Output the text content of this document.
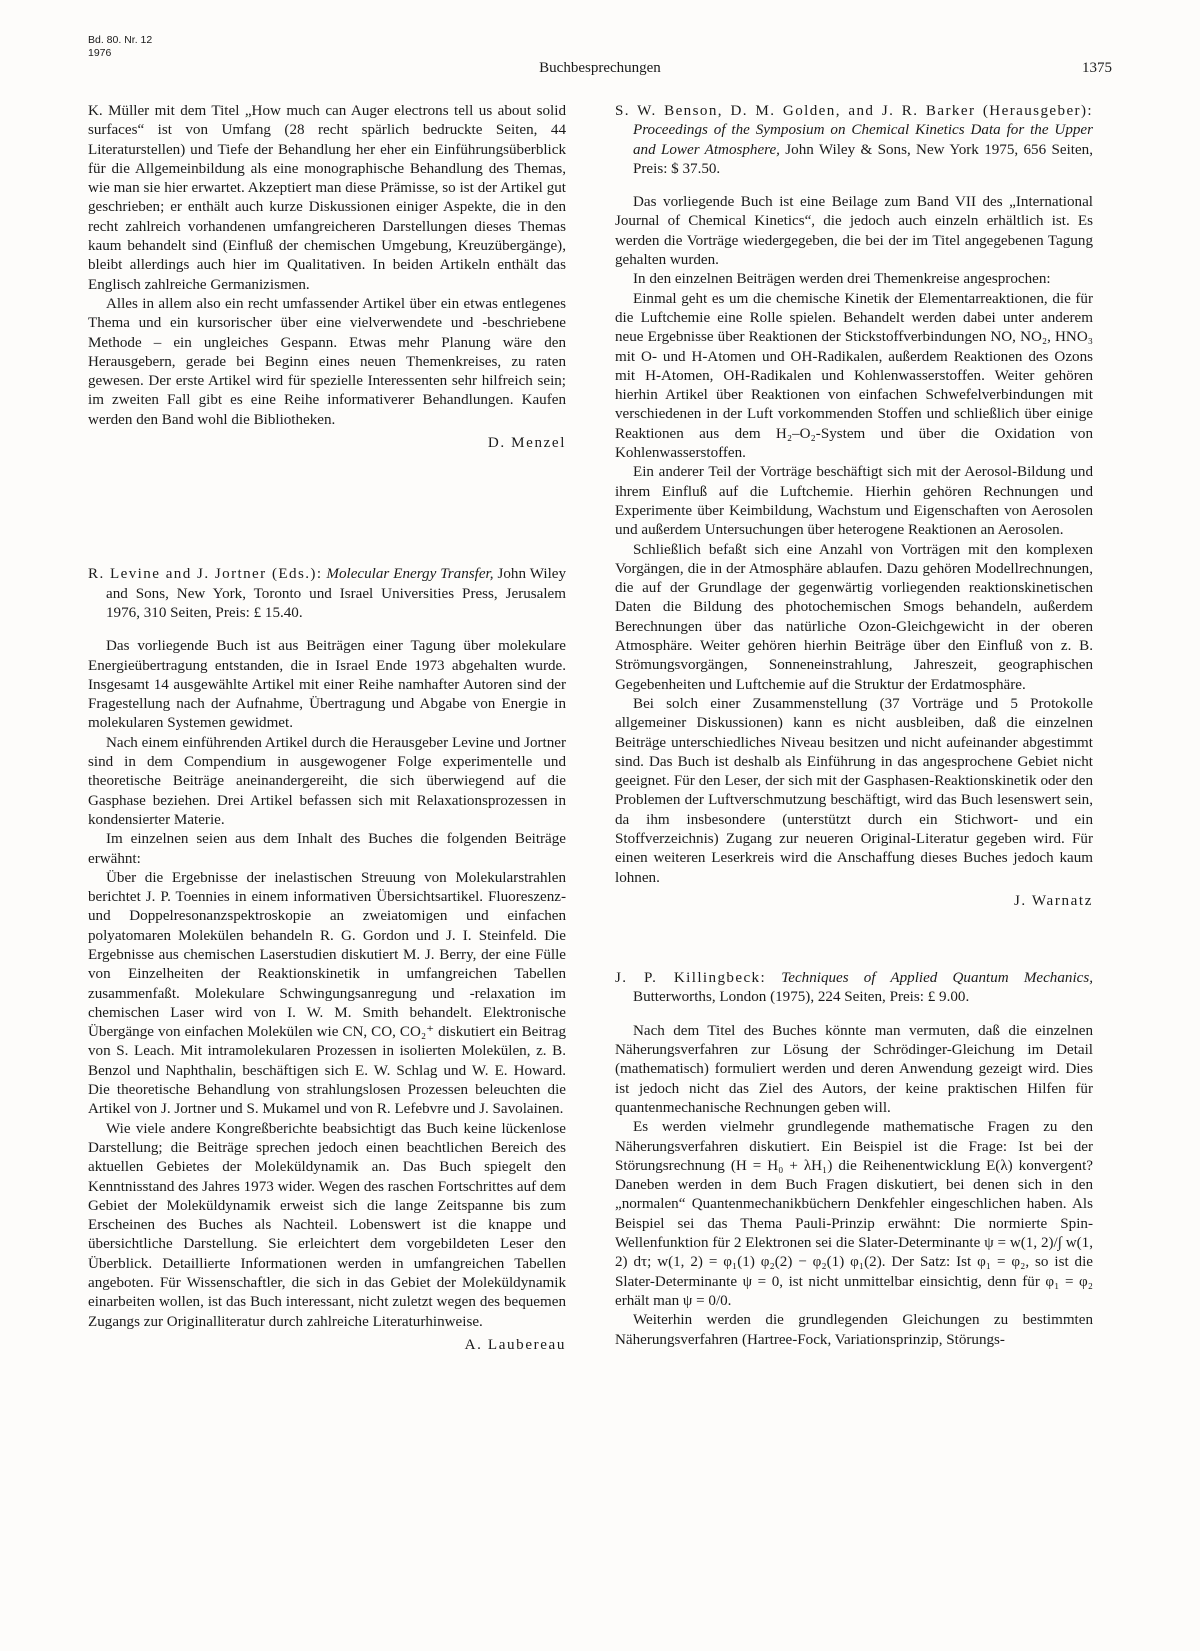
Bd. 80. Nr. 12
1976
Buchbesprechungen	1375

K. Müller mit dem Titel „How much can Auger electrons tell us about solid surfaces“ ist von Umfang (28 recht spärlich bedruckte Seiten, 44 Literaturstellen) und Tiefe der Behandlung her eher ein Einführungsüberblick für die Allgemeinbildung als eine monographische Behandlung des Themas, wie man sie hier erwartet. Akzeptiert man diese Prämisse, so ist der Artikel gut geschrieben; er enthält auch kurze Diskussionen einiger Aspekte, die in den recht zahlreich vorhandenen umfangreicheren Darstellungen dieses Themas kaum behandelt sind (Einfluß der chemischen Umgebung, Kreuzübergänge), bleibt allerdings auch hier im Qualitativen. In beiden Artikeln enthält das Englisch zahlreiche Germanizismen.

Alles in allem also ein recht umfassender Artikel über ein etwas entlegenes Thema und ein kursorischer über eine vielverwendete und -beschriebene Methode – ein ungleiches Gespann. Etwas mehr Planung wäre den Herausgebern, gerade bei Beginn eines neuen Themenkreises, zu raten gewesen. Der erste Artikel wird für spezielle Interessenten sehr hilfreich sein; im zweiten Fall gibt es eine Reihe informativerer Behandlungen. Kaufen werden den Band wohl die Bibliotheken.

D. Menzel

R. Levine and J. Jortner (Eds.): Molecular Energy Transfer, John Wiley and Sons, New York, Toronto und Israel Universities Press, Jerusalem 1976, 310 Seiten, Preis: £ 15.40.

Das vorliegende Buch ist aus Beiträgen einer Tagung über molekulare Energieübertragung entstanden, die in Israel Ende 1973 abgehalten wurde. Insgesamt 14 ausgewählte Artikel mit einer Reihe namhafter Autoren sind der Fragestellung nach der Aufnahme, Übertragung und Abgabe von Energie in molekularen Systemen gewidmet.

Nach einem einführenden Artikel durch die Herausgeber Levine und Jortner sind in dem Compendium in ausgewogener Folge experimentelle und theoretische Beiträge aneinandergereiht, die sich überwiegend auf die Gasphase beziehen. Drei Artikel befassen sich mit Relaxationsprozessen in kondensierter Materie.

Im einzelnen seien aus dem Inhalt des Buches die folgenden Beiträge erwähnt:

Über die Ergebnisse der inelastischen Streuung von Molekularstrahlen berichtet J. P. Toennies in einem informativen Übersichtsartikel. Fluoreszenz- und Doppelresonanzspektroskopie an zweiatomigen und einfachen polyatomaren Molekülen behandeln R. G. Gordon und J. I. Steinfeld. Die Ergebnisse aus chemischen Laserstudien diskutiert M. J. Berry, der eine Fülle von Einzelheiten der Reaktionskinetik in umfangreichen Tabellen zusammenfaßt. Molekulare Schwingungsanregung und -relaxation im chemischen Laser wird von I. W. M. Smith behandelt. Elektronische Übergänge von einfachen Molekülen wie CN, CO, CO₂⁺ diskutiert ein Beitrag von S. Leach. Mit intramolekularen Prozessen in isolierten Molekülen, z. B. Benzol und Naphthalin, beschäftigen sich E. W. Schlag und W. E. Howard. Die theoretische Behandlung von strahlungslosen Prozessen beleuchten die Artikel von J. Jortner und S. Mukamel und von R. Lefebvre und J. Savolainen.

Wie viele andere Kongreßberichte beabsichtigt das Buch keine lückenlose Darstellung; die Beiträge sprechen jedoch einen beachtlichen Bereich des aktuellen Gebietes der Moleküldynamik an. Das Buch spiegelt den Kenntnisstand des Jahres 1973 wider. Wegen des raschen Fortschrittes auf dem Gebiet der Moleküldynamik erweist sich die lange Zeitspanne bis zum Erscheinen des Buches als Nachteil. Lobenswert ist die knappe und übersichtliche Darstellung. Sie erleichtert dem vorgebildeten Leser den Überblick. Detaillierte Informationen werden in umfangreichen Tabellen angeboten. Für Wissenschaftler, die sich in das Gebiet der Moleküldynamik einarbeiten wollen, ist das Buch interessant, nicht zuletzt wegen des bequemen Zugangs zur Originalliteratur durch zahlreiche Literaturhinweise.

A. Laubereau

S. W. Benson, D. M. Golden, and J. R. Barker (Herausgeber): Proceedings of the Symposium on Chemical Kinetics Data for the Upper and Lower Atmosphere, John Wiley & Sons, New York 1975, 656 Seiten, Preis: $ 37.50.

Das vorliegende Buch ist eine Beilage zum Band VII des „International Journal of Chemical Kinetics“, die jedoch auch einzeln erhältlich ist. Es werden die Vorträge wiedergegeben, die bei der im Titel angegebenen Tagung gehalten wurden.

In den einzelnen Beiträgen werden drei Themenkreise angesprochen:

Einmal geht es um die chemische Kinetik der Elementarreaktionen, die für die Luftchemie eine Rolle spielen. Behandelt werden dabei unter anderem neue Ergebnisse über Reaktionen der Stickstoffverbindungen NO, NO₂, HNO₃ mit O- und H-Atomen und OH-Radikalen, außerdem Reaktionen des Ozons mit H-Atomen, OH-Radikalen und Kohlenwasserstoffen. Weiter gehören hierhin Artikel über Reaktionen von einfachen Schwefelverbindungen mit verschiedenen in der Luft vorkommenden Stoffen und schließlich über einige Reaktionen aus dem H₂–O₂-System und über die Oxidation von Kohlenwasserstoffen.

Ein anderer Teil der Vorträge beschäftigt sich mit der Aerosol-Bildung und ihrem Einfluß auf die Luftchemie. Hierhin gehören Rechnungen und Experimente über Keimbildung, Wachstum und Eigenschaften von Aerosolen und außerdem Untersuchungen über heterogene Reaktionen an Aerosolen.

Schließlich befaßt sich eine Anzahl von Vorträgen mit den komplexen Vorgängen, die in der Atmosphäre ablaufen. Dazu gehören Modellrechnungen, die auf der Grundlage der gegenwärtig vorliegenden reaktionskinetischen Daten die Bildung des photochemischen Smogs behandeln, außerdem Berechnungen über das natürliche Ozon-Gleichgewicht in der oberen Atmosphäre. Weiter gehören hierhin Beiträge über den Einfluß von z. B. Strömungsvorgängen, Sonneneinstrahlung, Jahreszeit, geographischen Gegebenheiten und Luftchemie auf die Struktur der Erdatmosphäre.

Bei solch einer Zusammenstellung (37 Vorträge und 5 Protokolle allgemeiner Diskussionen) kann es nicht ausbleiben, daß die einzelnen Beiträge unterschiedliches Niveau besitzen und nicht aufeinander abgestimmt sind. Das Buch ist deshalb als Einführung in das angesprochene Gebiet nicht geeignet. Für den Leser, der sich mit der Gasphasen-Reaktionskinetik oder den Problemen der Luftverschmutzung beschäftigt, wird das Buch lesenswert sein, da ihm insbesondere (unterstützt durch ein Stichwort- und ein Stoffverzeichnis) Zugang zur neueren Original-Literatur gegeben wird. Für einen weiteren Leserkreis wird die Anschaffung dieses Buches jedoch kaum lohnen.

J. Warnatz

J. P. Killingbeck: Techniques of Applied Quantum Mechanics, Butterworths, London (1975), 224 Seiten, Preis: £ 9.00.

Nach dem Titel des Buches könnte man vermuten, daß die einzelnen Näherungsverfahren zur Lösung der Schrödinger-Gleichung im Detail (mathematisch) formuliert werden und deren Anwendung gezeigt wird. Dies ist jedoch nicht das Ziel des Autors, der keine praktischen Hilfen für quantenmechanische Rechnungen geben will.

Es werden vielmehr grundlegende mathematische Fragen zu den Näherungsverfahren diskutiert. Ein Beispiel ist die Frage: Ist bei der Störungsrechnung (H = H₀ + λH₁) die Reihenentwicklung E(λ) konvergent? Daneben werden in dem Buch Fragen diskutiert, bei denen sich in den „normalen“ Quantenmechanikbüchern Denkfehler eingeschlichen haben. Als Beispiel sei das Thema Pauli-Prinzip erwähnt: Die normierte Spin-Wellenfunktion für 2 Elektronen sei die Slater-Determinante ψ = w(1, 2)/∫ w(1, 2) dτ; w(1, 2) = φ₁(1) φ₂(2) − φ₂(1) φ₁(2). Der Satz: Ist φ₁ = φ₂, so ist die Slater-Determinante ψ = 0, ist nicht unmittelbar einsichtig, denn für φ₁ = φ₂ erhält man ψ = 0/0.

Weiterhin werden die grundlegenden Gleichungen zu bestimmten Näherungsverfahren (Hartree-Fock, Variationsprinzip, Störungs-
